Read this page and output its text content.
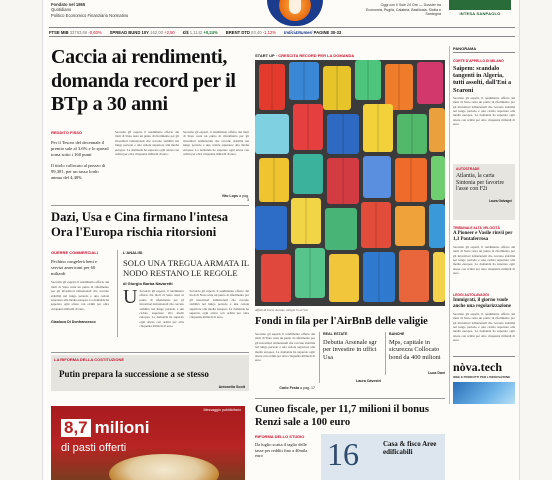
Fondato nel 1865
Quotidiano
Politico Economico Finanziario Normativo
Oggi con Il Sole 24 Ore — Dossier tra Economia, Puglia, Calabria, Basilicata, Sicilia e Sardegna	INTESA SANPAOLO
FTSE MIB 33763,66 -0,60% SPREAD BUND 10Y 162,00 +2,50 €/$ 1,1142 +0,24% BRENT DTD 83,40 -1,12% Indici&Numeri PAGINE 30-33
Caccia ai rendimenti, domanda record per il BTp a 30 anni
REDDITO FISSO
Per il Tesoro del decennale il premio sale al 3,6% e lo spread torna sotto i 160 punti
Il titolo collocato al prezzo di 99,381, per un tasso lordo annuo del 4,40%
Secondo gli esperti, il rendimento offerto dai titoli di Stato resta un punto di riferimento per gli investitori istituzionali che cercano stabilità nel lungo periodo e una cedola superiore alla media europea. La domanda ha superato ogni attesa con ordini per oltre cinquanta miliardi di euro.
Secondo gli esperti, il rendimento offerto dai titoli di Stato resta un punto di riferimento per gli investitori istituzionali che cercano stabilità nel lungo periodo e una cedola superiore alla media europea. La domanda ha superato ogni attesa con ordini per oltre cinquanta miliardi di euro.
Vito Lops a pag. 3
Dazi, Usa e Cina firmano l'intesa Ora l'Europa rischia ritorsioni
GUERRE COMMERCIALI
Pechino congelerà beni e servizi americani per 60 miliardi
Secondo gli esperti, il rendimento offerto dai titoli di Stato resta un punto di riferimento per gli investitori istituzionali che cercano stabilità nel lungo periodo e una cedola superiore alla media europea. La domanda ha superato ogni attesa con ordini per oltre cinquanta miliardi di euro.
Gianluca Di Donfrancesco
L'ANALISI
SOLO UNA TREGUA ARMATA IL NODO RESTANO LE REGOLE
di Giorgio Barba Navaretti
U Secondo gli esperti, il rendimento offerto dai titoli di Stato resta un punto di riferimento per gli investitori istituzionali che cercano stabilità nel lungo periodo e una cedola superiore alla media europea. La domanda ha superato ogni attesa con ordini per oltre cinquanta miliardi di euro.
Secondo gli esperti, il rendimento offerto dai titoli di Stato resta un punto di riferimento per gli investitori istituzionali che cercano stabilità nel lungo periodo e una cedola superiore alla media europea. La domanda ha superato ogni attesa con ordini per oltre cinquanta miliardi di euro.
LA RIFORMA DELLA COSTITUZIONE
Putin prepara la successione a se stesso
Antonella Scott
Messaggio pubblicitario
8,7 milioni
di pasti offerti
START UP · CRESCITA RECORD PER LA DOMANDA
Affitti di breve durata, valigie in arrivo
Fondi in fila per l'AirBnB delle valigie
Secondo gli esperti, il rendimento offerto dai titoli di Stato resta un punto di riferimento per gli investitori istituzionali che cercano stabilità nel lungo periodo e una cedola superiore alla media europea. La domanda ha superato ogni attesa con ordini per oltre cinquanta miliardi di euro.
Carlo Festa a pag. 17
REAL ESTATE
Debutta Arsenale sgr per investire in uffici Usa
Laura Cavestri
BANCHE
Mps, capitale in sicurezza Collocato bond da 400 milioni
Luca Davi
Cuneo fiscale, per 11,7 milioni il bonus Renzi sale a 100 euro
RIFORMA DELLO STUDIO
Da luglio scatta il taglio delle tasse per redditi fino a 40mila euro	16	Casa & fisco Aree edificabili
PANORAMA
CORTE D'APPELLO DI MILANO
Saipem: scandalo tangenti in Algeria, tutti assolti, dall'Eni a Scaroni
Secondo gli esperti, il rendimento offerto dai titoli di Stato resta un punto di riferimento per gli investitori istituzionali che cercano stabilità nel lungo periodo e una cedola superiore alla media europea. La domanda ha superato ogni attesa con ordini per oltre cinquanta miliardi di euro.
AUTOSTRADE
Atlantia, la carta Sintonia per favorire l'asse con F2i
Laura Galvagni
TRIBUNALE ALTA VELOCITÀ
A Pioneer e Vasile rinvii per 1,3 Pontaferrosa
Secondo gli esperti, il rendimento offerto dai titoli di Stato resta un punto di riferimento per gli investitori istituzionali che cercano stabilità nel lungo periodo e una cedola superiore alla media europea. La domanda ha superato ogni attesa con ordini per oltre cinquanta miliardi di euro.
LEGGI AUTOLAVAGGI
Immigrati, il giorno vuole anche una regolarizzazione
Secondo gli esperti, il rendimento offerto dai titoli di Stato resta un punto di riferimento per gli investitori istituzionali che cercano stabilità nel lungo periodo e una cedola superiore alla media europea. La domanda ha superato ogni attesa con ordini per oltre cinquanta miliardi di euro.
nòva.tech
IDEE E PRODOTTI PER L'INNOVAZIONE
